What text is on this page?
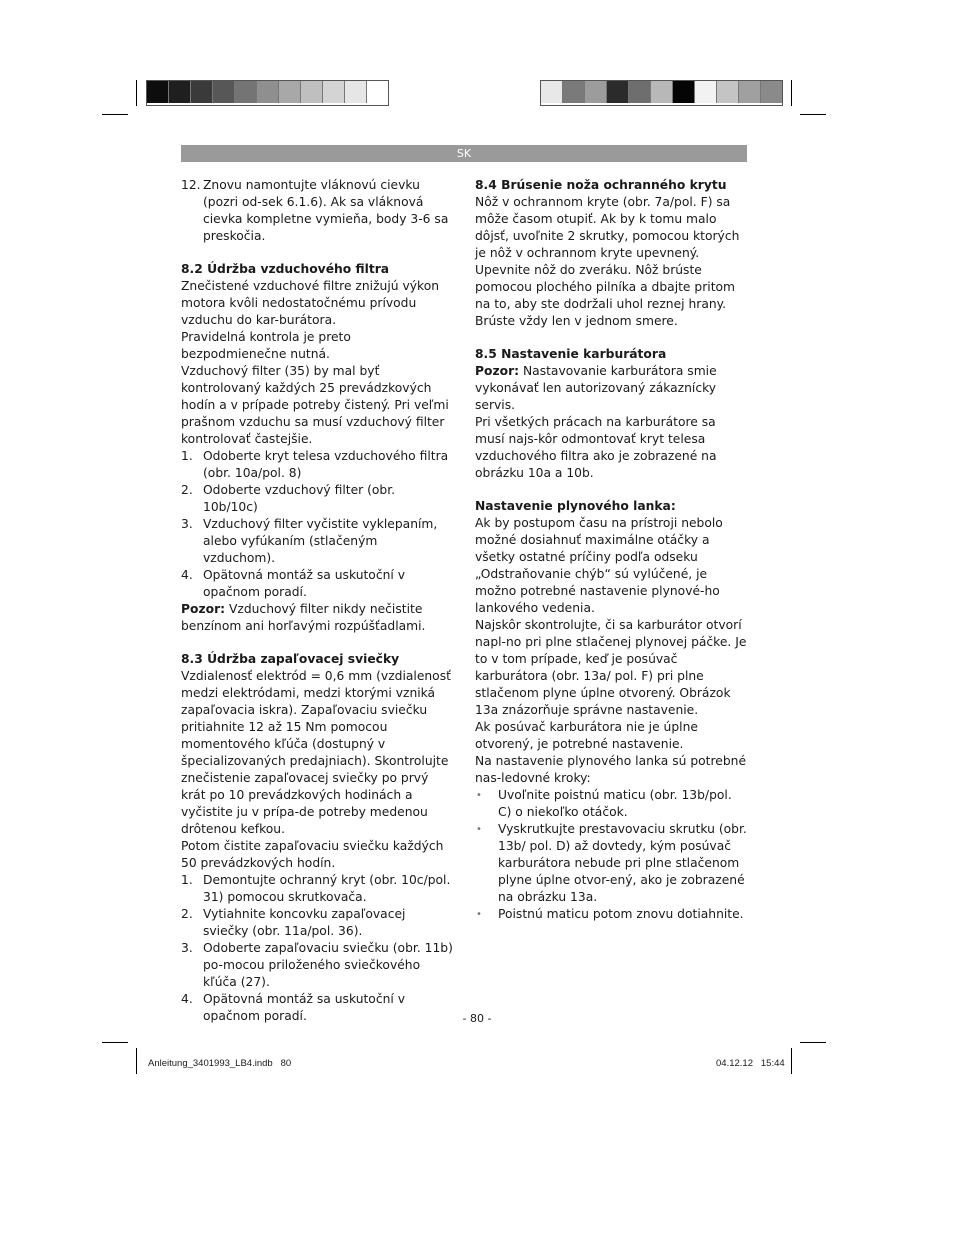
SK
12. Znovu namontujte vláknovú cievku (pozri od-sek 6.1.6). Ak sa vláknová cievka kompletne vymieňa, body 3-6 sa preskočia.
8.2 Údržba vzduchového filtra

Znečistené vzduchové filtre znižujú výkon motora kvôli nedostatočnému prívodu vzduchu do kar-burátora.

Pravidelná kontrola je preto bezpodmienečne nutná.

Vzduchový filter (35) by mal byť kontrolovaný každých 25 prevádzkových hodín a v prípade potreby čistený. Pri veľmi prašnom vzduchu sa musí vzduchový filter kontrolovať častejšie.

1. Odoberte kryt telesa vzduchového filtra (obr. 10a/pol. 8)
2. Odoberte vzduchový filter (obr. 10b/10c)
3. Vzduchový filter vyčistite vyklepaním, alebo vyfúkaním (stlačeným vzduchom).
4. Opätovná montáž sa uskutoční v opačnom poradí.

Pozor: Vzduchový filter nikdy nečistite benzínom ani horľavými rozpúšťadlami.

8.3 Údržba zapaľovacej sviečky

Vzdialenosť elektród = 0,6 mm (vzdialenosť medzi elektródami, medzi ktorými vzniká zapaľovacia iskra). Zapaľovaciu sviečku pritiahnite 12 až 15 Nm pomocou momentového kľúča (dostupný v špecializovaných predajniach). Skontrolujte znečistenie zapaľovacej sviečky po prvý krát po 10 prevádzkových hodinách a vyčistite ju v prípa-de potreby medenou drôtenou kefkou.

Potom čistite zapaľovaciu sviečku každých 50 prevádzkových hodín.

1. Demontujte ochranný kryt (obr. 10c/pol. 31) pomocou skrutkovača.
2. Vytiahnite koncovku zapaľovacej sviečky (obr. 11a/pol. 36).
3. Odoberte zapaľovaciu sviečku (obr. 11b) po-mocou priloženého sviečkového kľúča (27).
4. Opätovná montáž sa uskutoční v opačnom poradí.
8.4 Brúsenie noža ochranného krytu

Nôž v ochrannom kryte (obr. 7a/pol. F) sa môže časom otupiť. Ak by k tomu malo dôjsť, uvoľnite 2 skrutky, pomocou ktorých je nôž v ochrannom kryte upevnený. Upevnite nôž do zveráku. Nôž brúste pomocou plochého pilníka a dbajte pritom na to, aby ste dodržali uhol reznej hrany. Brúste vždy len v jednom smere.

8.5 Nastavenie karburátora

Pozor: Nastavovanie karburátora smie vykonávať len autorizovaný zákaznícky servis.

Pri všetkých prácach na karburátore sa musí najs-kôr odmontovať kryt telesa vzduchového filtra ako je zobrazené na obrázku 10a a 10b.

Nastavenie plynového lanka:

Ak by postupom času na prístroji nebolo možné dosiahnuť maximálne otáčky a všetky ostatné príčiny podľa odseku „Odstraňovanie chýb“ sú vylúčené, je možno potrebné nastavenie plynové-ho lankového vedenia.

Najskôr skontrolujte, či sa karburátor otvorí napl-no pri plne stlačenej plynovej páčke. Je to v tom prípade, keď je posúvač karburátora (obr. 13a/ pol. F) pri plne stlačenom plyne úplne otvorený. Obrázok 13a znázorňuje správne nastavenie.

Ak posúvač karburátora nie je úplne otvorený, je potrebné nastavenie.

Na nastavenie plynového lanka sú potrebné nas-ledovné kroky:

•	Uvoľnite poistnú maticu (obr. 13b/pol. C) o niekoľko otáčok.
•	Vyskrutkujte prestavovaciu skrutku (obr. 13b/ pol. D) až dovtedy, kým posúvač karburátora nebude pri plne stlačenom plyne úplne otvor-ený, ako je zobrazené na obrázku 13a.
•	Poistnú maticu potom znovu dotiahnite.
- 80 -
Anleitung_3401993_LB4.indb   80	04.12.12   15:44
